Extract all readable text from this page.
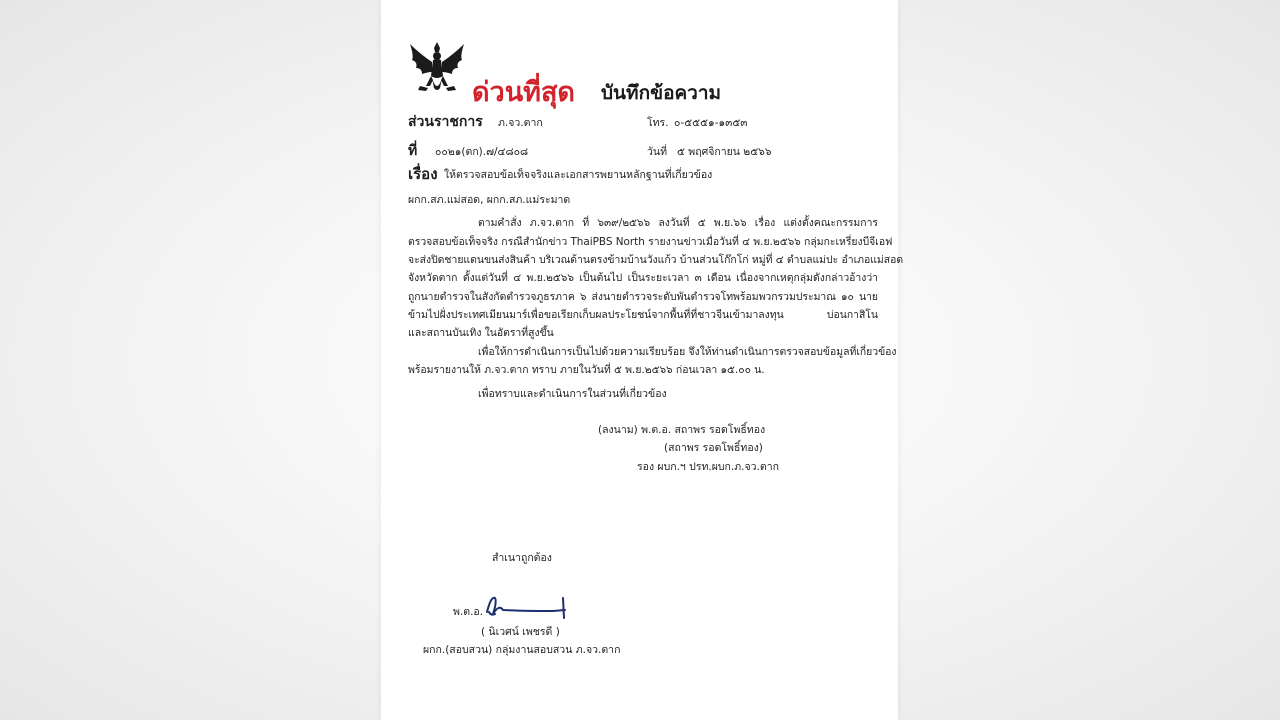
ด่วนที่สุด บันทึกข้อความ
ส่วนราชการ ภ.จว.ตาก	โทร. ๐-๕๕๕๑-๑๓๕๓
ที่ ๐๐๒๑(ตก).๗/๔๘๐๘	วันที่ ๕ พฤศจิกายน ๒๕๖๖
เรื่อง ให้ตรวจสอบข้อเท็จจริงและเอกสารพยานหลักฐานที่เกี่ยวข้อง
ผกก.สภ.แม่สอด, ผกก.สภ.แม่ระมาด
ตามคำสั่ง ภ.จว.ตาก ที่ ๖๓๙/๒๕๖๖ ลงวันที่ ๕ พ.ย.๖๖ เรื่อง แต่งตั้งคณะกรรมการ
ตรวจสอบข้อเท็จจริง กรณีสำนักข่าว ThaiPBS North รายงานข่าวเมื่อวันที่ ๔ พ.ย.๒๕๖๖ กลุ่มกะเหรี่ยงบีจีเอฟ
จะส่งปิดชายแดนขนส่งสินค้า บริเวณด้านตรงข้ามบ้านวังแก้ว บ้านส่วนโก๊กโก่ หมู่ที่ ๔ ตำบลแม่ปะ อำเภอแม่สอด
จังหวัดตาก ตั้งแต่วันที่ ๔ พ.ย.๒๕๖๖ เป็นต้นไป เป็นระยะเวลา ๓ เดือน เนื่องจากเหตุกลุ่มดังกล่าวอ้างว่า
ถูกนายตำรวจในสังกัดตำรวจภูธรภาค ๖ ส่งนายตำรวจระดับพันตำรวจโทพร้อมพวกรวมประมาณ ๑๐ นาย
ข้ามไปฝั่งประเทศเมียนมาร์เพื่อขอเรียกเก็บผลประโยชน์จากพื้นที่ที่ชาวจีนเข้ามาลงทุน บ่อนกาสิโน
และสถานบันเทิง ในอัตราที่สูงขึ้น
เพื่อให้การดำเนินการเป็นไปด้วยความเรียบร้อย จึงให้ท่านดำเนินการตรวจสอบข้อมูลที่เกี่ยวข้อง
พร้อมรายงานให้ ภ.จว.ตาก ทราบ ภายในวันที่ ๕ พ.ย.๒๕๖๖ ก่อนเวลา ๑๕.๐๐ น.
เพื่อทราบและดำเนินการในส่วนที่เกี่ยวข้อง
(ลงนาม) พ.ต.อ. สถาพร รอดโพธิ์ทอง
(สถาพร รอดโพธิ์ทอง)
รอง ผบก.ฯ ปรท.ผบก.ภ.จว.ตาก
สำเนาถูกต้อง
พ.ต.อ.
( นิเวศน์ เพชรดี )
ผกก.(สอบสวน) กลุ่มงานสอบสวน ภ.จว.ตาก
